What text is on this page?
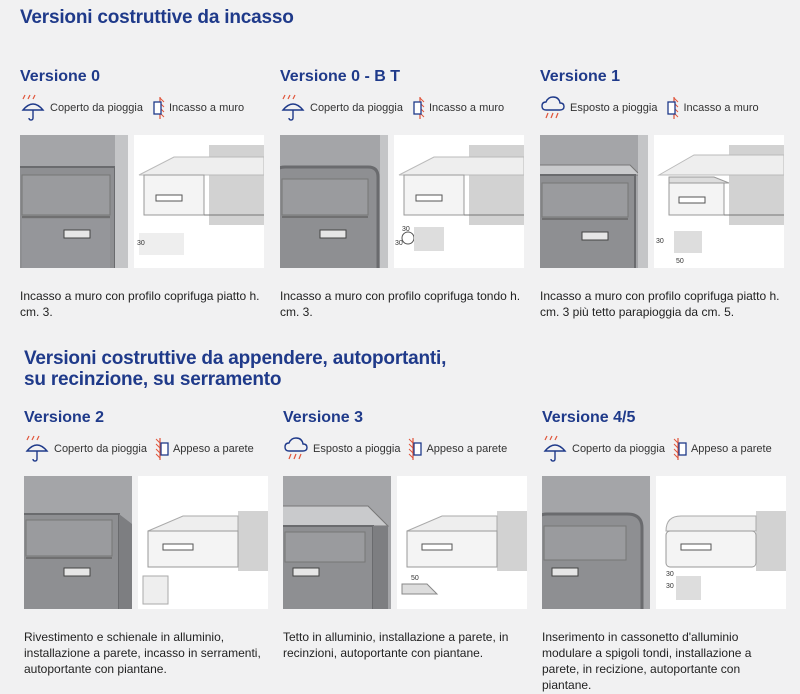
Versioni costruttive da incasso
Versioni costruttive da appendere, autoportanti,
su recinzione, su serramento
Versione 0
Coperto da pioggia Incasso a muro
30
Incasso a muro con profilo coprifuga piatto h. cm. 3.
Versione 0 - B T
Coperto da pioggia Incasso a muro
30
30
Incasso a muro con profilo coprifuga tondo h. cm. 3.
Versione 1
Esposto a pioggia Incasso a muro
30
50
Incasso a muro con profilo coprifuga piatto h. cm. 3 più tetto parapioggia da cm. 5.
Versione 2
Coperto da pioggia Appeso a parete
Rivestimento e schienale in alluminio, installazione a parete, incasso in serramenti, autoportante con piantane.
Versione 3
Esposto a pioggia Appeso a parete
50
Tetto in alluminio, installazione a parete, in recinzioni, autoportante con piantane.
Versione 4/5
Coperto da pioggia Appeso a parete
30
30
Inserimento in cassonetto d'alluminio modulare a spigoli tondi, installazione a parete, in recizione, autoportante con piantane.
